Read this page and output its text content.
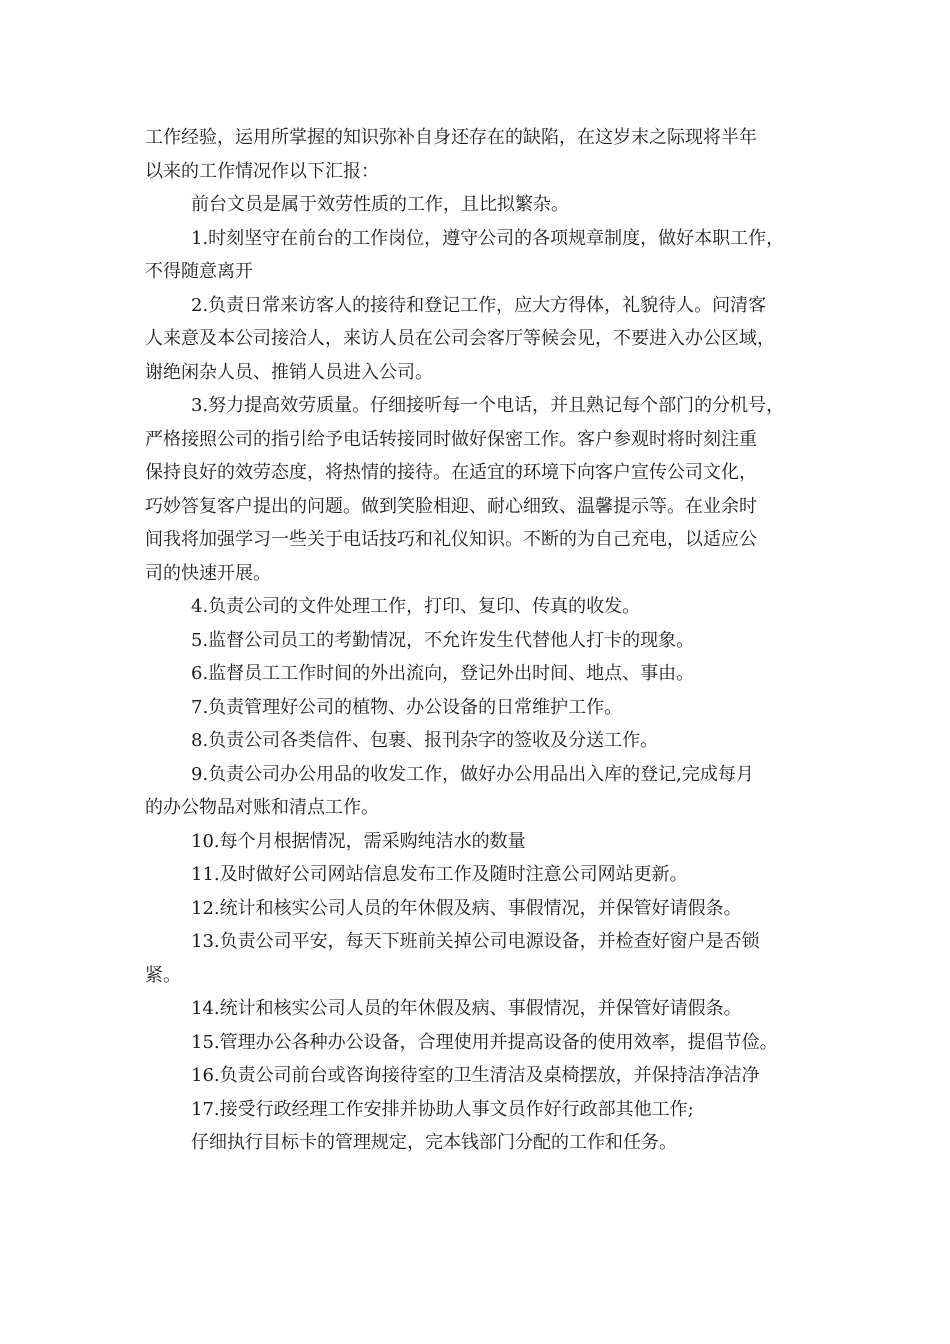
工作经验，运用所掌握的知识弥补自身还存在的缺陷，在这岁末之际现将半年
以来的工作情况作以下汇报：
前台文员是属于效劳性质的工作，且比拟繁杂。
1.时刻坚守在前台的工作岗位，遵守公司的各项规章制度，做好本职工作，
不得随意离开
2.负责日常来访客人的接待和登记工作，应大方得体，礼貌待人。问清客
人来意及本公司接洽人，来访人员在公司会客厅等候会见，不要进入办公区域，
谢绝闲杂人员、推销人员进入公司。
3.努力提高效劳质量。仔细接听每一个电话，并且熟记每个部门的分机号，
严格接照公司的指引给予电话转接同时做好保密工作。客户参观时将时刻注重
保持良好的效劳态度，将热情的接待。在适宜的环境下向客户宣传公司文化，
巧妙答复客户提出的问题。做到笑脸相迎、耐心细致、温馨提示等。在业余时
间我将加强学习一些关于电话技巧和礼仪知识。不断的为自己充电，以适应公
司的快速开展。
4.负责公司的文件处理工作，打印、复印、传真的收发。
5.监督公司员工的考勤情况，不允许发生代替他人打卡的现象。
6.监督员工工作时间的外出流向，登记外出时间、地点、事由。
7.负责管理好公司的植物、办公设备的日常维护工作。
8.负责公司各类信件、包裹、报刊杂字的签收及分送工作。
9.负责公司办公用品的收发工作，做好办公用品出入库的登记,完成每月
的办公物品对账和清点工作。
10.每个月根据情况，需采购纯洁水的数量
11.及时做好公司网站信息发布工作及随时注意公司网站更新。
12.统计和核实公司人员的年休假及病、事假情况，并保管好请假条。
13.负责公司平安，每天下班前关掉公司电源设备，并检查好窗户是否锁
紧。
14.统计和核实公司人员的年休假及病、事假情况，并保管好请假条。
15.管理办公各种办公设备，合理使用并提高设备的使用效率，提倡节俭。
16.负责公司前台或咨询接待室的卫生清洁及桌椅摆放，并保持洁净洁净
17.接受行政经理工作安排并协助人事文员作好行政部其他工作;
仔细执行目标卡的管理规定，完本钱部门分配的工作和任务。
